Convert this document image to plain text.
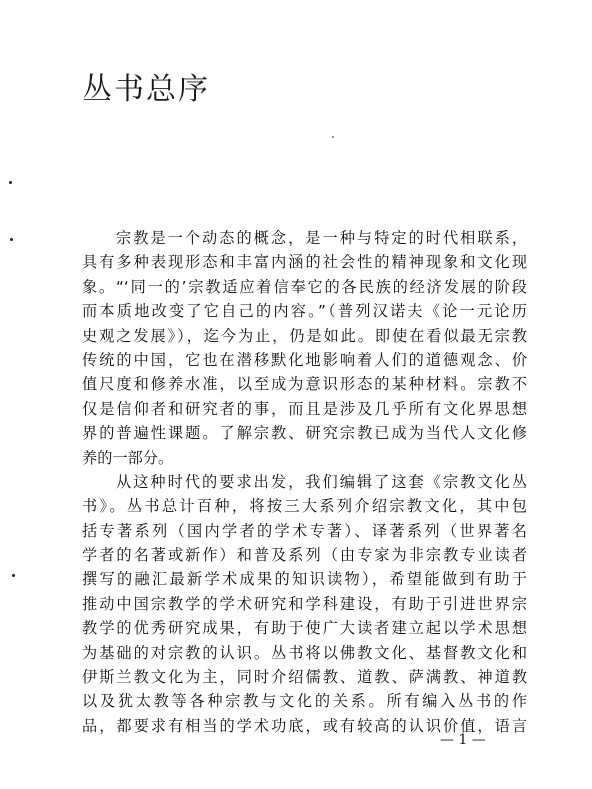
丛书总序
宗教是一个动态的概念，是一种与特定的时代相联系，
具有多种表现形态和丰富内涵的社会性的精神现象和文化现
象。“‘同一的’宗教适应着信奉它的各民族的经济发展的阶段
而本质地改变了它自己的内容。”（普列汉诺夫《论一元论历
史观之发展》），迄今为止，仍是如此。即使在看似最无宗教
传统的中国，它也在潜移默化地影响着人们的道德观念、价
值尺度和修养水准，以至成为意识形态的某种材料。宗教不
仅是信仰者和研究者的事，而且是涉及几乎所有文化界思想
界的普遍性课题。了解宗教、研究宗教已成为当代人文化修
养的一部分。
从这种时代的要求出发，我们编辑了这套《宗教文化丛
书》。丛书总计百种，将按三大系列介绍宗教文化，其中包
括专著系列（国内学者的学术专著）、译著系列（世界著名
学者的名著或新作）和普及系列（由专家为非宗教专业读者
撰写的融汇最新学术成果的知识读物），希望能做到有助于
推动中国宗教学的学术研究和学科建设，有助于引进世界宗
教学的优秀研究成果，有助于使广大读者建立起以学术思想
为基础的对宗教的认识。丛书将以佛教文化、基督教文化和
伊斯兰教文化为主，同时介绍儒教、道教、萨满教、神道教
以及犹太教等各种宗教与文化的关系。所有编入丛书的作
品，都要求有相当的学术功底，或有较高的认识价值，语言
— 1 —
